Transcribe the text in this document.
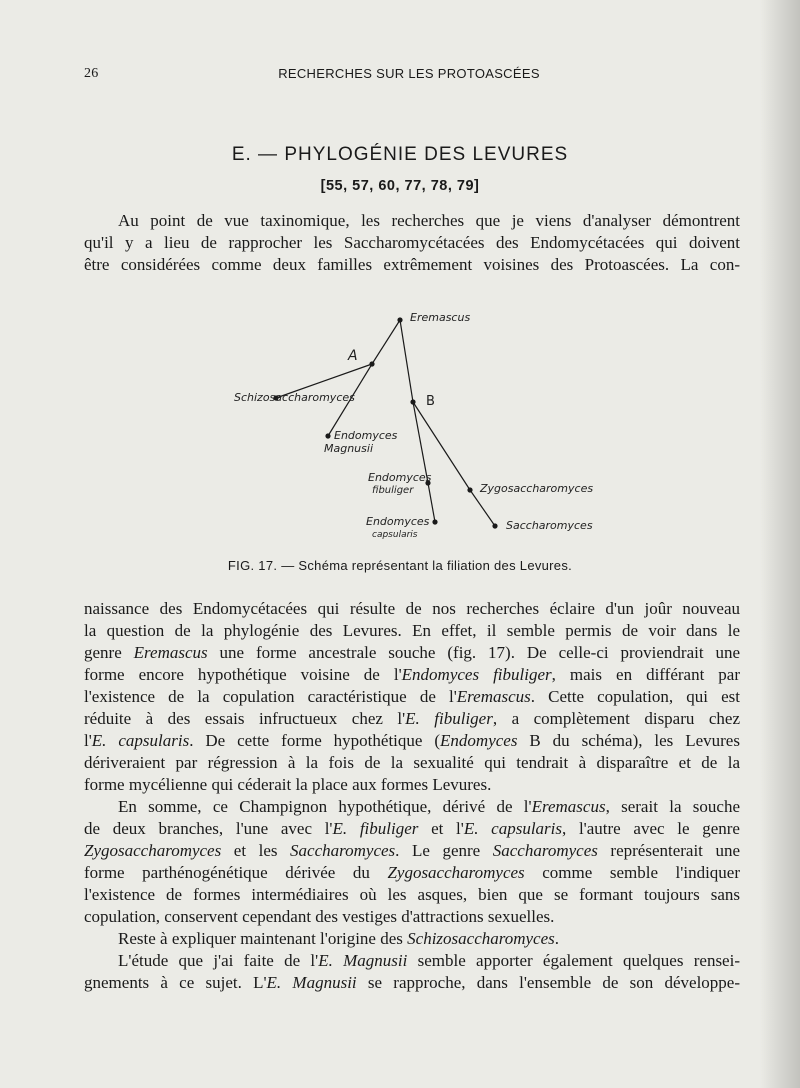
26	RECHERCHES SUR LES PROTOASCÉES
E. — PHYLOGÉNIE DES LEVURES
[55, 57, 60, 77, 78, 79]
Au point de vue taxinomique, les recherches que je viens d'analyser démontrent
qu'il y a lieu de rapprocher les Saccharomycétacées des Endomycétacées qui doivent
être considérées comme deux familles extrêmement voisines des Protoascées. La con-
Eremascus
A
Schizosaccharomyces	B
Endomyces
Magnusii
Endomyces
fibuliger	Zygosaccharomyces
Endomyces
capsularis
Saccharomyces
FIG. 17. — Schéma représentant la filiation des Levures.
naissance des Endomycétacées qui résulte de nos recherches éclaire d'un joûr nouveau
la question de la phylogénie des Levures. En effet, il semble permis de voir dans le
genre Eremascus une forme ancestrale souche (fig. 17). De celle-ci proviendrait une
forme encore hypothétique voisine de l'Endomyces fibuliger, mais en différant par
l'existence de la copulation caractéristique de l'Eremascus. Cette copulation, qui est
réduite à des essais infructueux chez l'E. fibuliger, a complètement disparu chez
l'E. capsularis. De cette forme hypothétique (Endomyces B du schéma), les Levures
dériveraient par régression à la fois de la sexualité qui tendrait à disparaître et de la
forme mycélienne qui céderait la place aux formes Levures.
En somme, ce Champignon hypothétique, dérivé de l'Eremascus, serait la souche
de deux branches, l'une avec l'E. fibuliger et l'E. capsularis, l'autre avec le genre
Zygosaccharomyces et les Saccharomyces. Le genre Saccharomyces représenterait une
forme parthénogénétique dérivée du Zygosaccharomyces comme semble l'indiquer
l'existence de formes intermédiaires où les asques, bien que se formant toujours sans
copulation, conservent cependant des vestiges d'attractions sexuelles.
Reste à expliquer maintenant l'origine des Schizosaccharomyces.
L'étude que j'ai faite de l'E. Magnusii semble apporter également quelques rensei-
gnements à ce sujet. L'E. Magnusii se rapproche, dans l'ensemble de son développe-
